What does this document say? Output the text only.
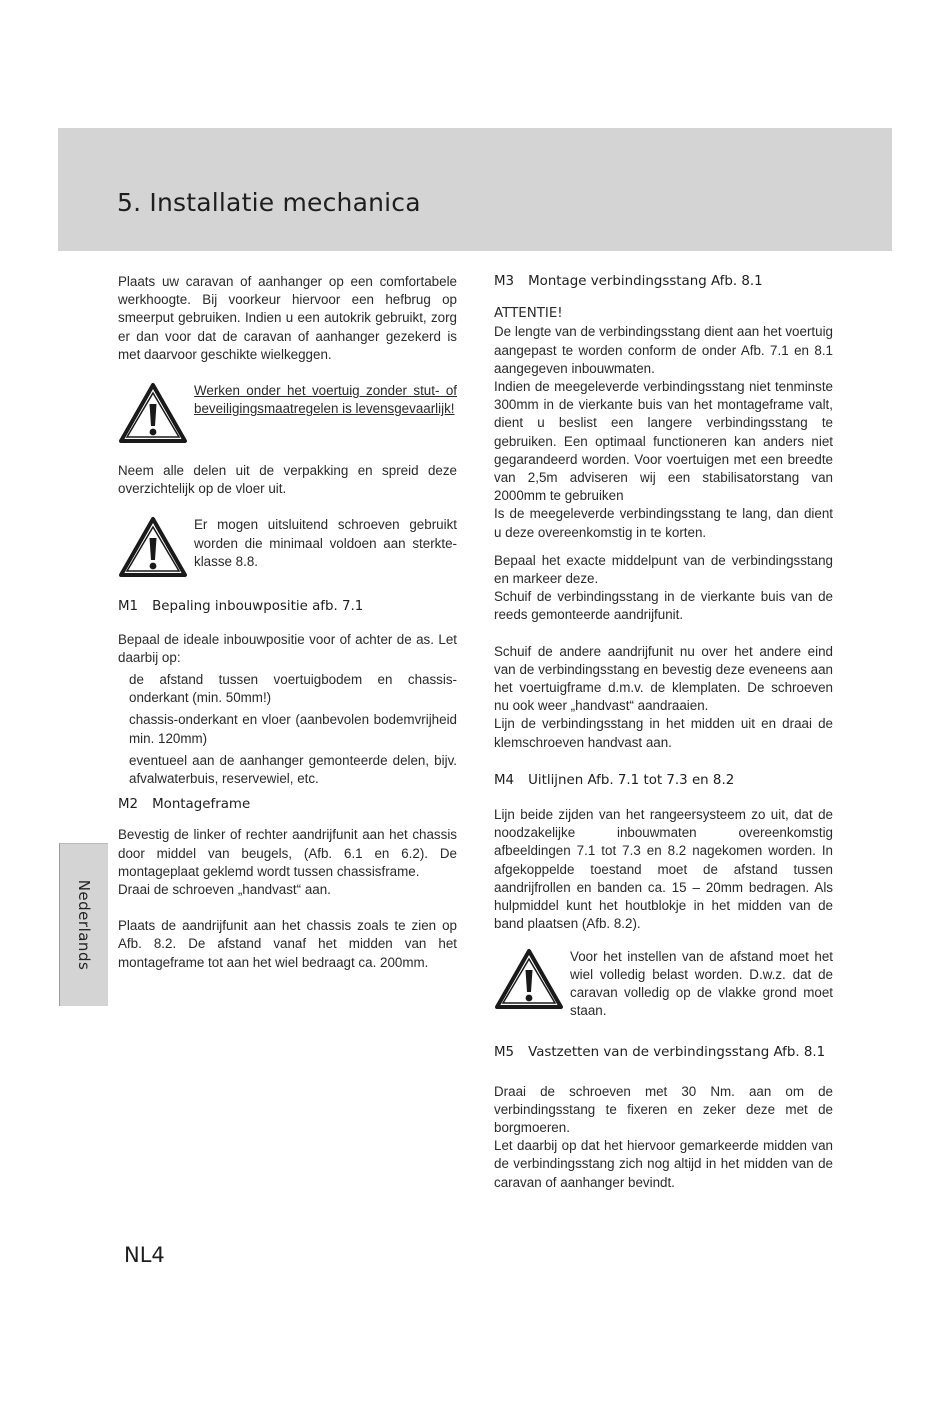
5. Installatie mechanica

Plaats uw caravan of aanhanger op een comfortabele werkhoogte. Bij voorkeur hiervoor een hefbrug op smeerput gebruiken. Indien u een autokrik gebruikt, zorg er dan voor dat de caravan of aanhanger gezekerd is met daarvoor geschikte wielkeggen.

Werken onder het voertuig zonder stut- of beveiligingsmaatregelen is levensgevaarlijk!

Neem alle delen uit de verpakking en spreid deze overzichtelijk op de vloer uit.

Er mogen uitsluitend schroeven gebruikt worden die minimaal voldoen aan sterkte-klasse 8.8.

M1 Bepaling inbouwpositie afb. 7.1

Bepaal de ideale inbouwpositie voor of achter de as. Let daarbij op:

de afstand tussen voertuigbodem en chassis-onderkant (min. 50mm!)
chassis-onderkant en vloer (aanbevolen bodemvrijheid min. 120mm)
eventueel aan de aanhanger gemonteerde delen, bijv. afvalwaterbuis, reservewiel, etc.
M2 Montageframe

Bevestig de linker of rechter aandrijfunit aan het chassis door middel van beugels, (Afb. 6.1 en 6.2). De montageplaat geklemd wordt tussen chassisframe.

Draai de schroeven „handvast“ aan.

Plaats de aandrijfunit aan het chassis zoals te zien op Afb. 8.2. De afstand vanaf het midden van het montageframe tot aan het wiel bedraagt ca. 200mm.

M3 Montage verbindingsstang Afb. 8.1

ATTENTIE!

De lengte van de verbindingsstang dient aan het voertuig aangepast te worden conform de onder Afb. 7.1 en 8.1 aangegeven inbouwmaten.

Indien de meegeleverde verbindingsstang niet tenminste 300mm in de vierkante buis van het montageframe valt, dient u beslist een langere verbindingsstang te gebruiken. Een optimaal functioneren kan anders niet gegarandeerd worden. Voor voertuigen met een breedte van 2,5m adviseren wij een stabilisatorstang van 2000mm te gebruiken

Is de meegeleverde verbindingsstang te lang, dan dient u deze overeenkomstig in te korten.

Bepaal het exacte middelpunt van de verbindingsstang en markeer deze.

Schuif de verbindingsstang in de vierkante buis van de reeds gemonteerde aandrijfunit.

Schuif de andere aandrijfunit nu over het andere eind van de verbindingsstang en bevestig deze eveneens aan het voertuigframe d.m.v. de klemplaten. De schroeven nu ook weer „handvast“ aandraaien.

Lijn de verbindingsstang in het midden uit en draai de klemschroeven handvast aan.

M4 Uitlijnen Afb. 7.1 tot 7.3 en 8.2

Lijn beide zijden van het rangeersysteem zo uit, dat de noodzakelijke inbouwmaten overeenkomstig afbeeldingen 7.1 tot 7.3 en 8.2 nagekomen worden. In afgekoppelde toestand moet de afstand tussen aandrijfrollen en banden ca. 15 – 20mm bedragen. Als hulpmiddel kunt het houtblokje in het midden van de band plaatsen (Afb. 8.2).

Voor het instellen van de afstand moet het wiel volledig belast worden. D.w.z. dat de caravan volledig op de vlakke grond moet staan.

M5 Vastzetten van de verbindingsstang Afb. 8.1

Draai de schroeven met 30 Nm. aan om de verbindingsstang te fixeren en zeker deze met de borgmoeren.

Let daarbij op dat het hiervoor gemarkeerde midden van de verbindingsstang zich nog altijd in het midden van de caravan of aanhanger bevindt.

Nederlands
NL4
